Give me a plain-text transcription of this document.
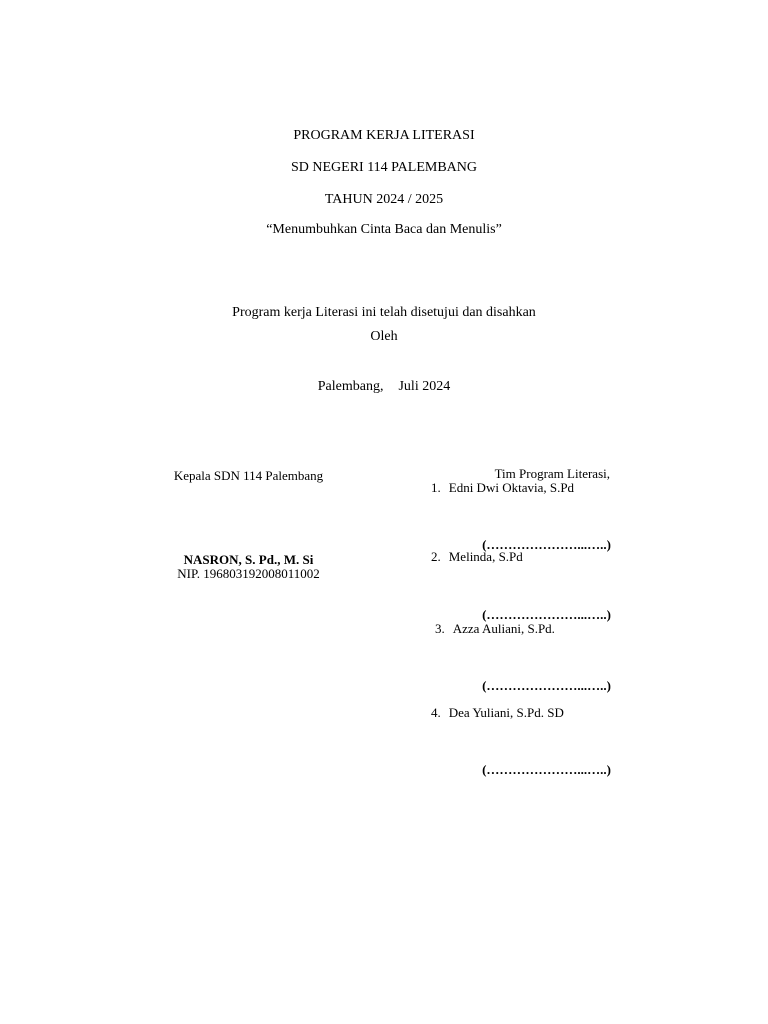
PROGRAM KERJA LITERASI
SD NEGERI 114 PALEMBANG
TAHUN 2024 / 2025
“Menumbuhkan Cinta Baca dan Menulis”
Program kerja Literasi ini telah disetujui dan disahkan
Oleh
Palembang, Juli 2024
Kepala SDN 114 Palembang
NASRON, S. Pd., M. Si
NIP. 196803192008011002
Tim Program Literasi,
1. Edni Dwi Oktavia, S.Pd
(…………………...…..)
2. Melinda, S.Pd
(…………………...…..)
3. Azza Auliani, S.Pd.
(…………………...…..)
4. Dea Yuliani, S.Pd. SD
(…………………...…..)
